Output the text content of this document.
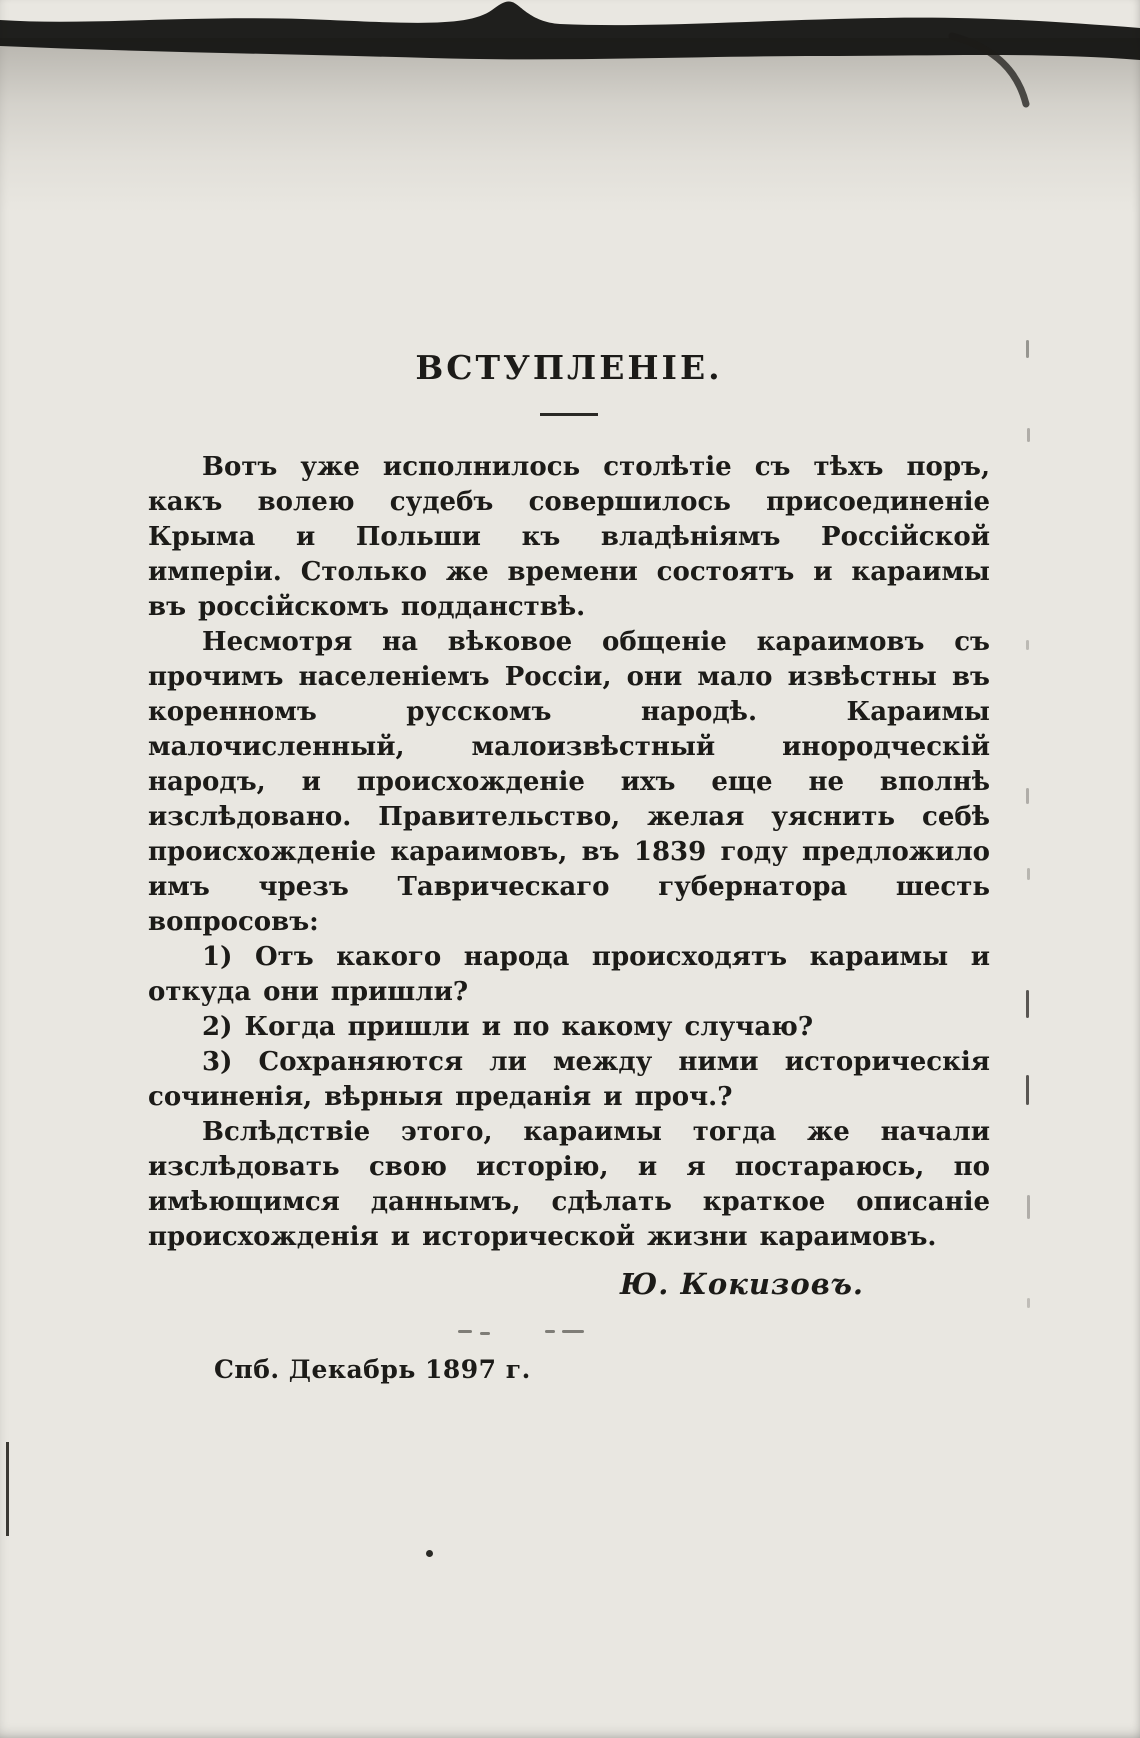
ВСТУПЛЕНІЕ.

Вотъ уже исполнилось столѣтіе съ тѣхъ поръ, какъ волею судебъ совершилось присоединеніе Крыма и Польши къ владѣніямъ Россійской имперіи. Столько же времени состоятъ и караимы въ россійскомъ подданствѣ.

Несмотря на вѣковое общеніе караимовъ съ прочимъ населеніемъ Россіи, они мало извѣстны въ коренномъ русскомъ народѣ. Караимы малочисленный, малоизвѣстный инородческій народъ, и происхожденіе ихъ еще не вполнѣ изслѣдовано. Правительство, желая уяснить себѣ происхожденіе караимовъ, въ 1839 году предложило имъ чрезъ Таврическаго губернатора шесть вопросовъ:

1) Отъ какого народа происходятъ караимы и откуда они пришли?

2) Когда пришли и по какому случаю?

3) Сохраняются ли между ними историческія сочиненія, вѣрныя преданія и проч.?

Вслѣдствіе этого, караимы тогда же начали изслѣдовать свою исторію, и я постараюсь, по имѣющимся даннымъ, сдѣлать краткое описаніе происхожденія и исторической жизни караимовъ.

Ю. Кокизовъ.

Спб. Декабрь 1897 г.
